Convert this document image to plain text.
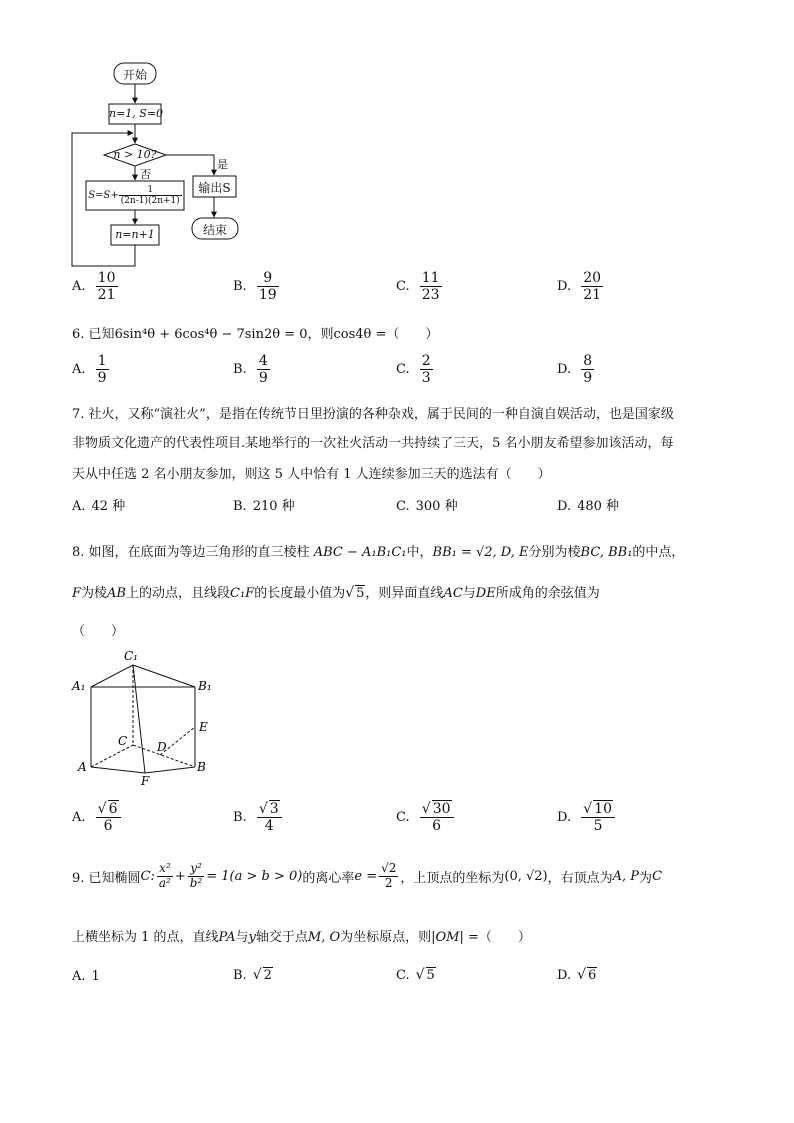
开始
n=1, S=0
n > 10?
是
否
$S=S+ \frac{1}{(2n-1)(2n+1)}$	输出S
n=n+1	结束
A. $\frac{10}{21}$	B. $\frac{9}{19}$	C. $\frac{11}{23}$	D. $\frac{20}{21}$
6. 已知6sin⁴θ + 6cos⁴θ − 7sin2θ = 0，则cos4θ =（　　）
A. $\frac{1}{9}$	B. $\frac{4}{9}$	C. $\frac{2}{3}$	D. $\frac{8}{9}$
7. 社火，又称“演社火”，是指在传统节日里扮演的各种杂戏，属于民间的一种自演自娱活动，也是国家级
非物质文化遗产的代表性项目.某地举行的一次社火活动一共持续了三天，5 名小朋友希望参加该活动，每
天从中任选 2 名小朋友参加，则这 5 人中恰有 1 人连续参加三天的选法有（　　）
A. 42 种	B. 210 种	C. 300 种	D. 480 种
8. 如图，在底面为等边三角形的直三棱柱 ABC − A₁B₁C₁中，BB₁ = √2, D, E分别为棱BC, BB₁的中点，
F为棱AB上的动点，且线段C₁F的长度最小值为√ 5，则异面直线AC与DE所成角的余弦值为
（　　）
C₁
A₁	B₁
E
C D
A
F
B
A. $\frac{√ 6}{6}$	B. $\frac{√ 3}{4}$	C. $\frac{√ 30}{6}$	D. $\frac{√ 10}{5}$
9. 已知椭圆 C: $\frac{\text{x²}}{\text{a²}} + \frac{\text{y²}}{\text{b²}} = 1(a > b > 0)$ 的离心率 $e = \frac{√2}{2}$ ，上顶点的坐标为 (0, √2) ，右顶点为 A, P 为 C
上横坐标为 1 的点，直线PA与y轴交于点M, O为坐标原点，则|OM| =（　　）
A. 1	B. √ 2	C. √ 5	D. √ 6
